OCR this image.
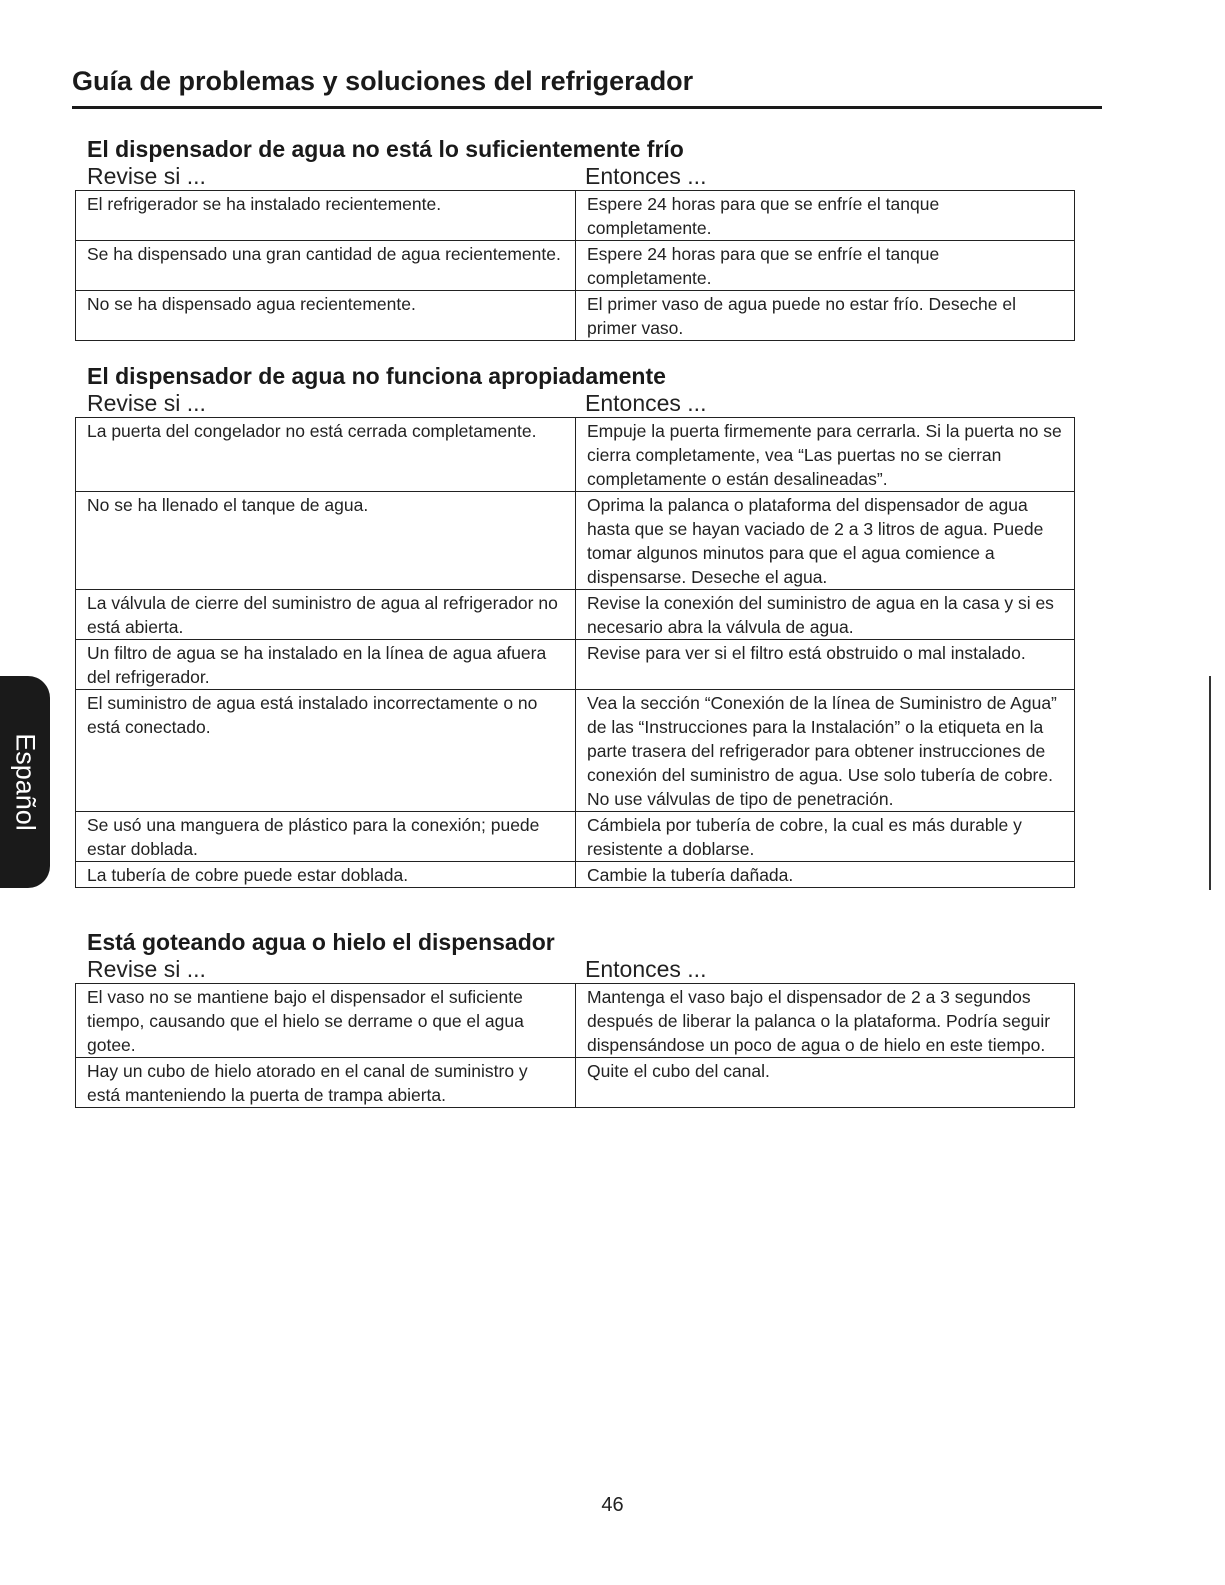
Guía de problemas y soluciones del refrigerador
El dispensador de agua no está lo suficientemente frío
Revise si ...	Entonces ...
El refrigerador se ha instalado recientemente.	Espere 24 horas para que se enfríe el tanque completamente.
Se ha dispensado una gran cantidad de agua recientemente.	Espere 24 horas para que se enfríe el tanque completamente.
No se ha dispensado agua recientemente.	El primer vaso de agua puede no estar frío. Deseche el primer vaso.
El dispensador de agua no funciona apropiadamente
Revise si ...	Entonces ...
La puerta del congelador no está cerrada completamente.	Empuje la puerta firmemente para cerrarla. Si la puerta no se cierra completamente, vea “Las puertas no se cierran completamente o están desalineadas”.
No se ha llenado el tanque de agua.	Oprima la palanca o plataforma del dispensador de agua hasta que se hayan vaciado de 2 a 3 litros de agua. Puede tomar algunos minutos para que el agua comience a dispensarse. Deseche el agua.
La válvula de cierre del suministro de agua al refrigerador no está abierta.	Revise la conexión del suministro de agua en la casa y si es necesario abra la válvula de agua.
Un filtro de agua se ha instalado en la línea de agua afuera del refrigerador.	Revise para ver si el filtro está obstruido o mal instalado.
El suministro de agua está instalado incorrectamente o no está conectado.	Vea la sección “Conexión de la línea de Suministro de Agua” de las “Instrucciones para la Instalación” o la etiqueta en la parte trasera del refrigerador para obtener instrucciones de conexión del suministro de agua. Use solo tubería de cobre. No use válvulas de tipo de penetración.
Se usó una manguera de plástico para la conexión; puede estar doblada.	Cámbiela por tubería de cobre, la cual es más durable y resistente a doblarse.
La tubería de cobre puede estar doblada.	Cambie la tubería dañada.
Está goteando agua o hielo el dispensador
Revise si ...	Entonces ...
El vaso no se mantiene bajo el dispensador el suficiente tiempo, causando que el hielo se derrame o que el agua gotee.	Mantenga el vaso bajo el dispensador de 2 a 3 segundos después de liberar la palanca o la plataforma. Podría seguir dispensándose un poco de agua o de hielo en este tiempo.
Hay un cubo de hielo atorado en el canal de suministro y está manteniendo la puerta de trampa abierta.	Quite el cubo del canal.
Español
46
